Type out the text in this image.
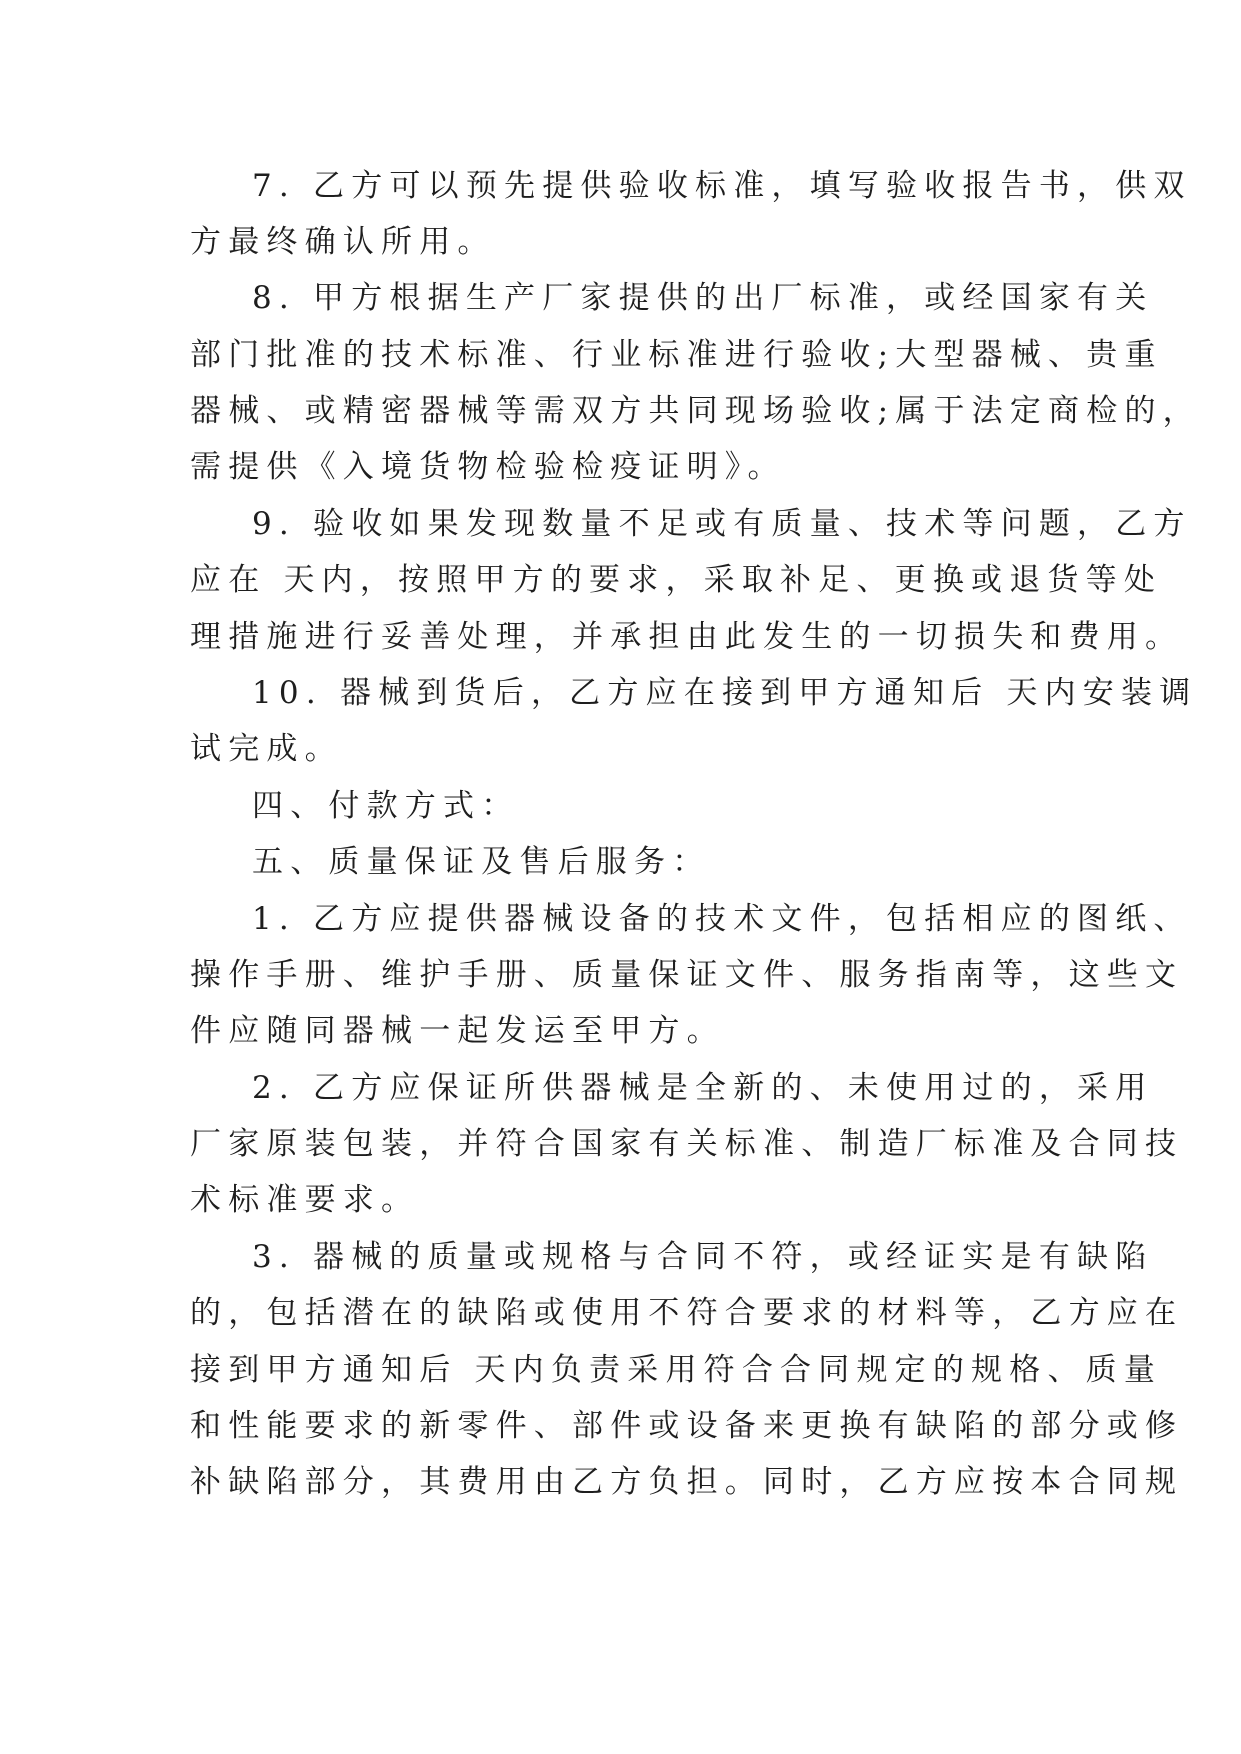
7. 乙方可以预先提供验收标准，填写验收报告书，供双

方最终确认所用。

8. 甲方根据生产厂家提供的出厂标准，或经国家有关

部门批准的技术标准、行业标准进行验收;大型器械、贵重

器械、或精密器械等需双方共同现场验收;属于法定商检的，

需提供《入境货物检验检疫证明》。

9. 验收如果发现数量不足或有质量、技术等问题，乙方

应在 天内，按照甲方的要求，采取补足、更换或退货等处

理措施进行妥善处理，并承担由此发生的一切损失和费用。

10. 器械到货后，乙方应在接到甲方通知后 天内安装调

试完成。

四、付款方式：

五、质量保证及售后服务：

1. 乙方应提供器械设备的技术文件，包括相应的图纸、

操作手册、维护手册、质量保证文件、服务指南等，这些文

件应随同器械一起发运至甲方。

2. 乙方应保证所供器械是全新的、未使用过的，采用

厂家原装包装，并符合国家有关标准、制造厂标准及合同技

术标准要求。

3. 器械的质量或规格与合同不符，或经证实是有缺陷

的，包括潜在的缺陷或使用不符合要求的材料等，乙方应在

接到甲方通知后 天内负责采用符合合同规定的规格、质量

和性能要求的新零件、部件或设备来更换有缺陷的部分或修

补缺陷部分，其费用由乙方负担。同时，乙方应按本合同规
